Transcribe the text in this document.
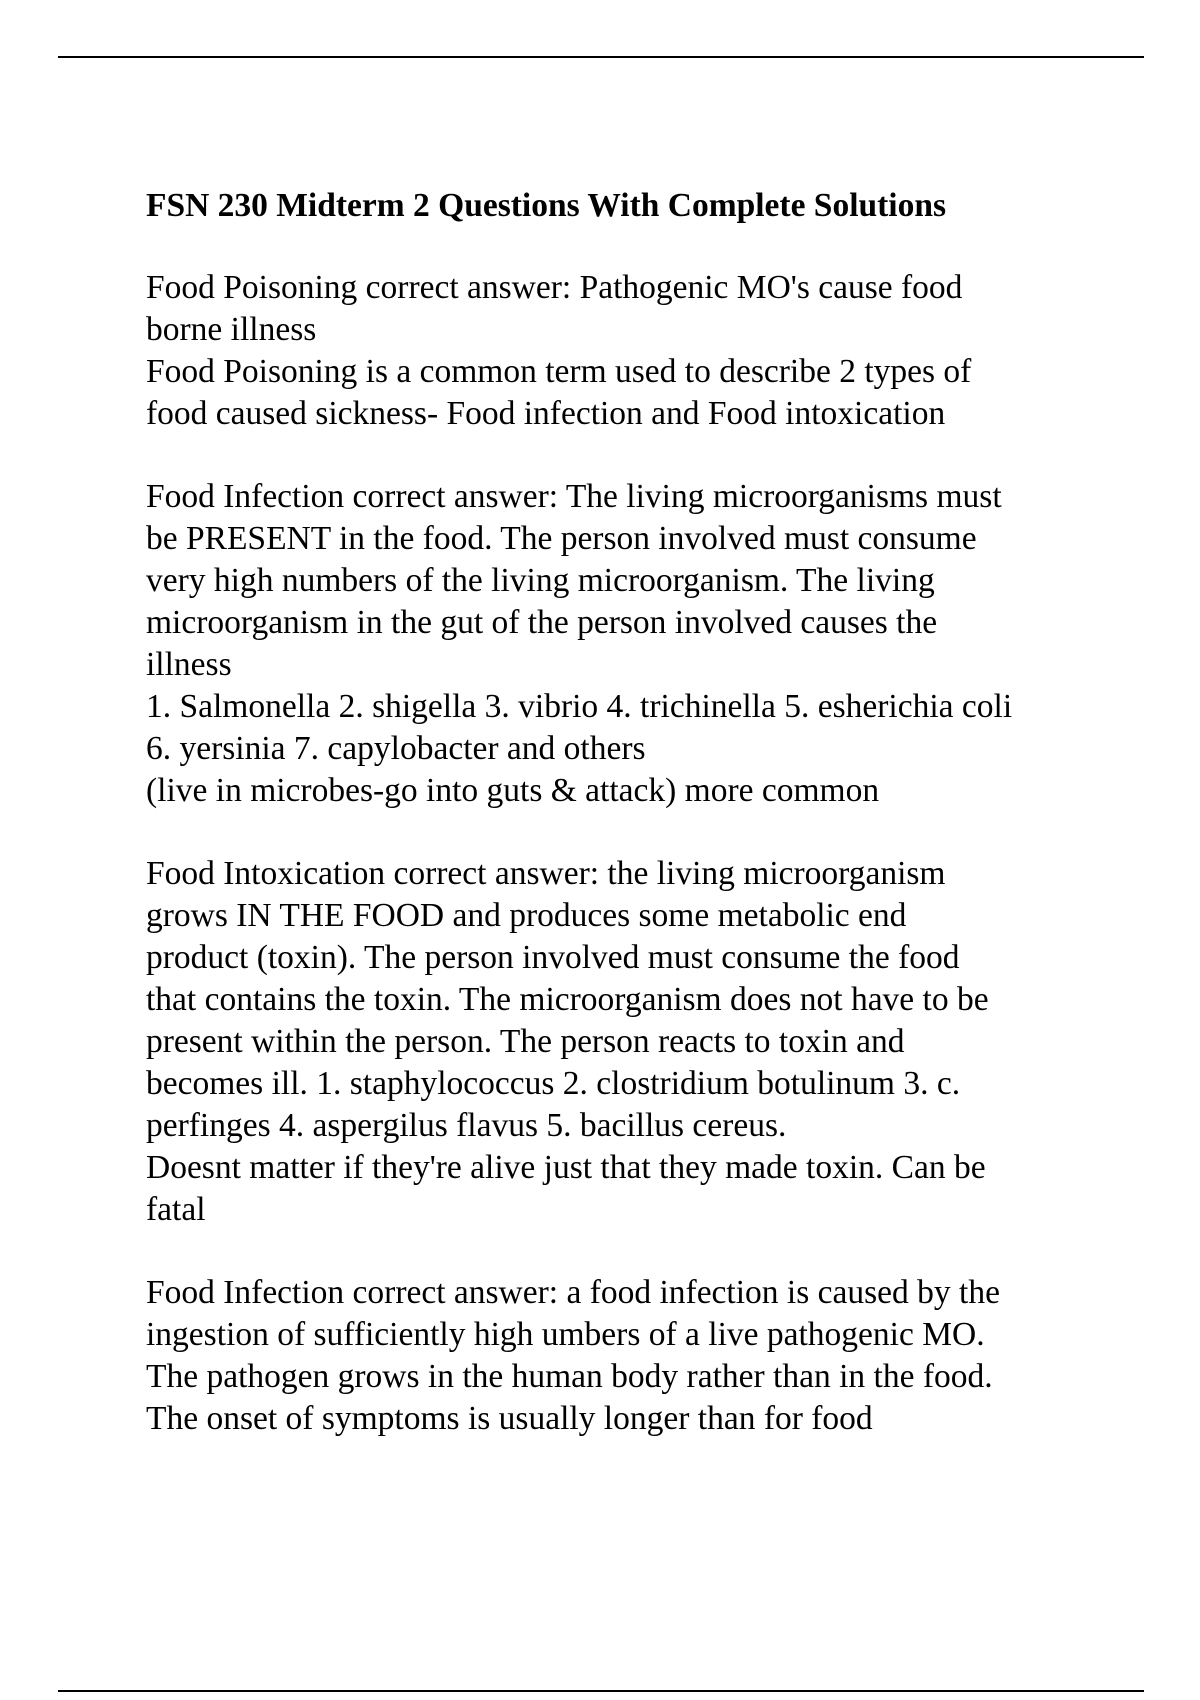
FSN 230 Midterm 2 Questions With Complete Solutions
Food Poisoning correct answer: Pathogenic MO's cause food
borne illness
Food Poisoning is a common term used to describe 2 types of
food caused sickness- Food infection and Food intoxication
Food Infection correct answer: The living microorganisms must
be PRESENT in the food. The person involved must consume
very high numbers of the living microorganism. The living
microorganism in the gut of the person involved causes the
illness
1. Salmonella 2. shigella 3. vibrio 4. trichinella 5. esherichia coli
6. yersinia 7. capylobacter and others
(live in microbes-go into guts & attack) more common
Food Intoxication correct answer: the living microorganism
grows IN THE FOOD and produces some metabolic end
product (toxin). The person involved must consume the food
that contains the toxin. The microorganism does not have to be
present within the person. The person reacts to toxin and
becomes ill. 1. staphylococcus 2. clostridium botulinum 3. c.
perfinges 4. aspergilus flavus 5. bacillus cereus.
Doesnt matter if they're alive just that they made toxin. Can be
fatal
Food Infection correct answer: a food infection is caused by the
ingestion of sufficiently high umbers of a live pathogenic MO.
The pathogen grows in the human body rather than in the food.
The onset of symptoms is usually longer than for food
